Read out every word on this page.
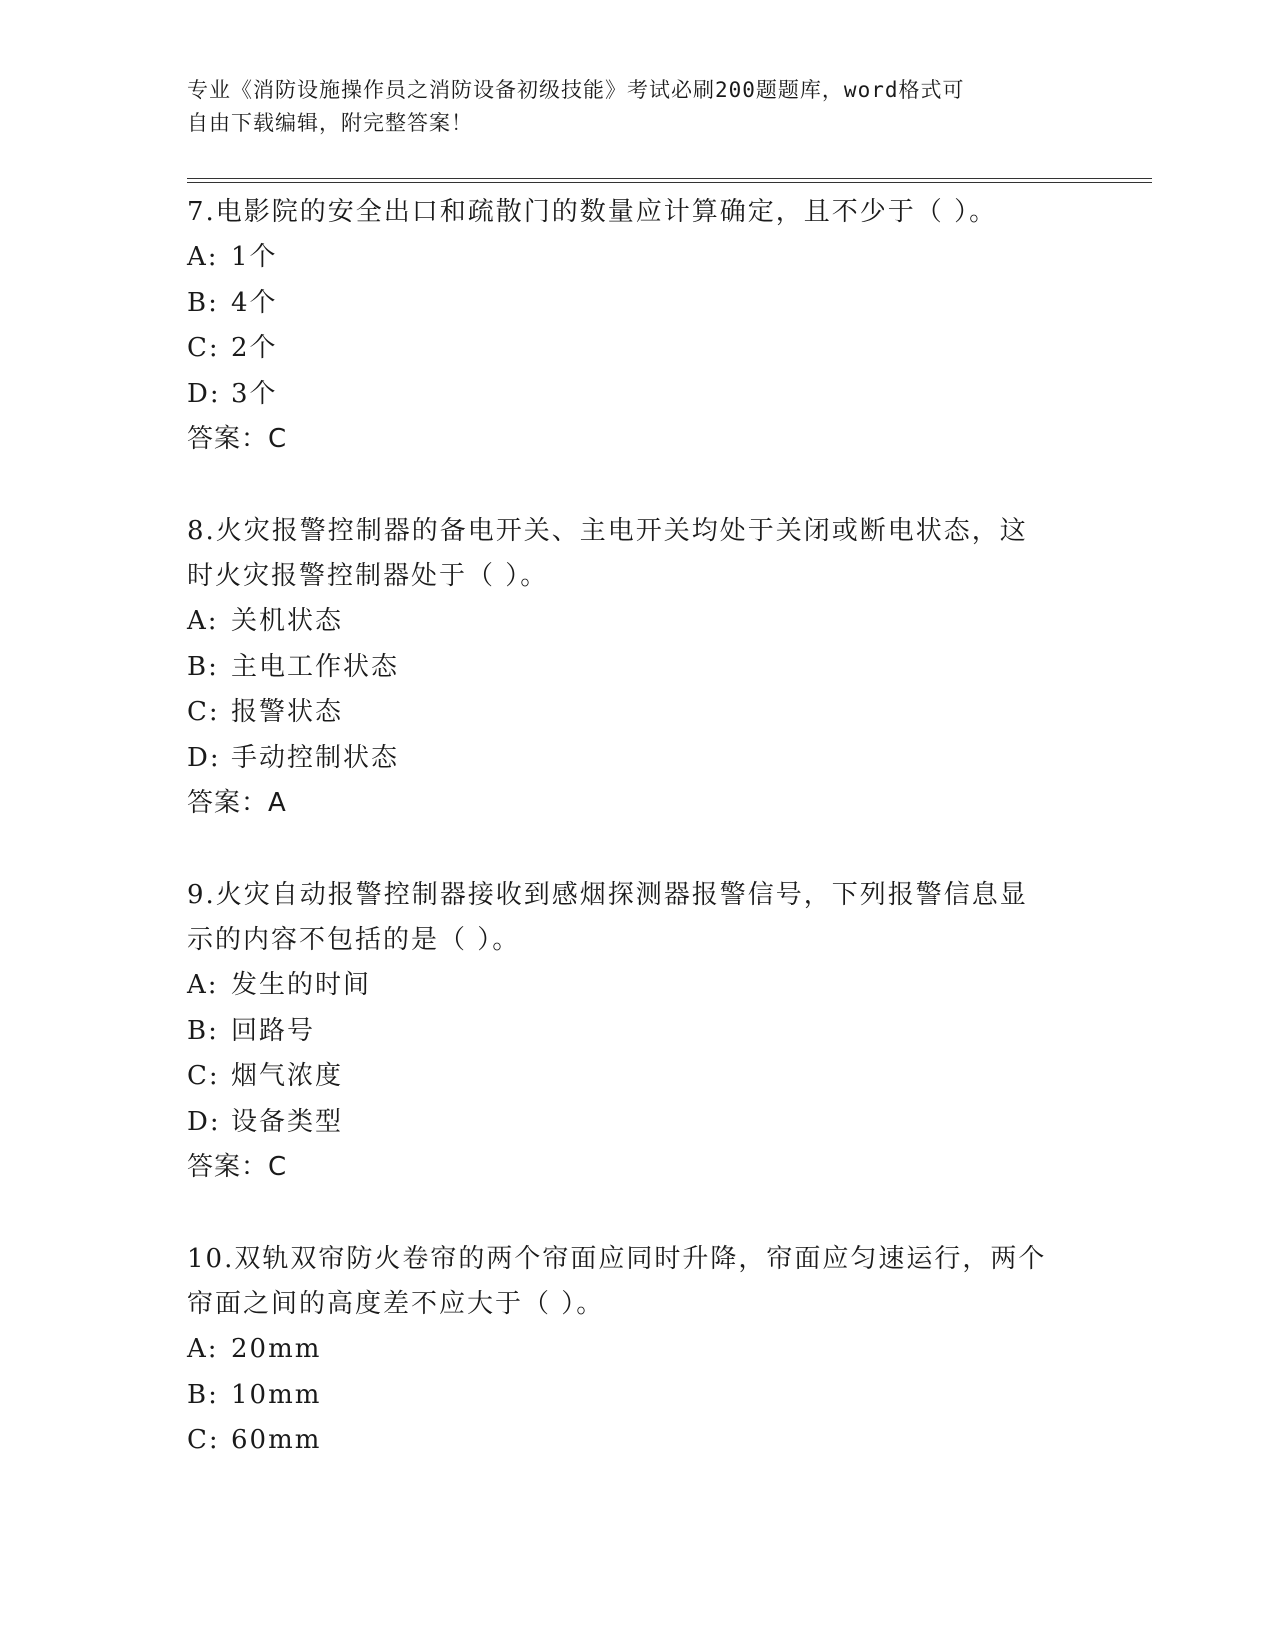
专业《消防设施操作员之消防设备初级技能》考试必刷200题题库，word格式可
自由下载编辑，附完整答案！

7.电影院的安全出口和疏散门的数量应计算确定，且不少于（ ）。

A: 1个

B: 4个

C: 2个

D: 3个

答案：C

8.火灾报警控制器的备电开关、主电开关均处于关闭或断电状态，这

时火灾报警控制器处于（ ）。

A: 关机状态

B: 主电工作状态

C: 报警状态

D: 手动控制状态

答案：A

9.火灾自动报警控制器接收到感烟探测器报警信号，下列报警信息显

示的内容不包括的是（ ）。

A: 发生的时间

B: 回路号

C: 烟气浓度

D: 设备类型

答案：C

10.双轨双帘防火卷帘的两个帘面应同时升降，帘面应匀速运行，两个

帘面之间的高度差不应大于（ ）。

A: 20mm

B: 10mm

C: 60mm
